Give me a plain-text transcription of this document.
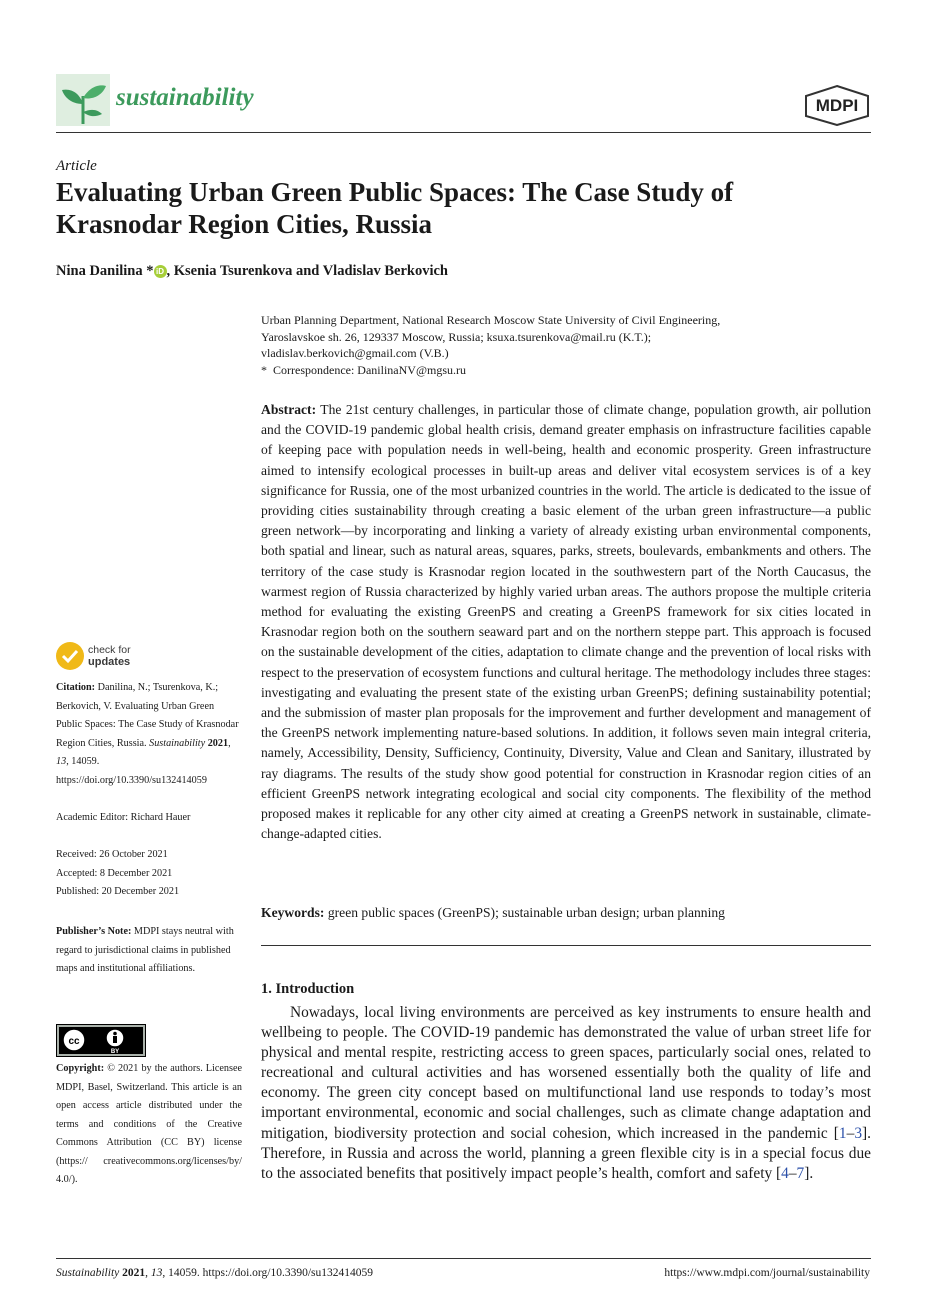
sustainability	MDPI
Article
Evaluating Urban Green Public Spaces: The Case Study of Krasnodar Region Cities, Russia
Nina Danilina * iD , Ksenia Tsurenkova and Vladislav Berkovich

Urban Planning Department, National Research Moscow State University of Civil Engineering,

Yaroslavskoe sh. 26, 129337 Moscow, Russia; ksuxa.tsurenkova@mail.ru (K.T.);

vladislav.berkovich@gmail.com (V.B.)

* Correspondence: DanilinaNV@mgsu.ru

Abstract: The 21st century challenges, in particular those of climate change, population growth, air pollution and the COVID-19 pandemic global health crisis, demand greater emphasis on infrastructure facilities capable of keeping pace with population needs in well-being, health and economic prosperity. Green infrastructure aimed to intensify ecological processes in built-up areas and deliver vital ecosystem services is of a key significance for Russia, one of the most urbanized countries in the world. The article is dedicated to the issue of providing cities sustainability through creating a basic element of the urban green infrastructure—a public green network—by incorporating and linking a variety of already existing urban environmental components, both spatial and linear, such as natural areas, squares, parks, streets, boulevards, embankments and others. The territory of the case study is Krasnodar region located in the southwestern part of the North Caucasus, the warmest region of Russia characterized by highly varied urban areas. The authors propose the multiple criteria method for evaluating the existing GreenPS and creating a GreenPS framework for six cities located in Krasnodar region both on the southern seaward part and on the northern steppe part. This approach is focused on the sustainable development of the cities, adaptation to climate change and the prevention of local risks with respect to the preservation of ecosystem functions and cultural heritage. The methodology includes three stages: investigating and evaluating the present state of the existing urban GreenPS; defining sustainability potential; and the submission of master plan proposals for the improvement and further development and management of the GreenPS network implementing nature-based solutions. In addition, it follows seven main integral criteria, namely, Accessibility, Density, Sufficiency, Continuity, Diversity, Value and Clean and Sanitary, illustrated by ray diagrams. The results of the study show good potential for construction in Krasnodar region cities of an efficient GreenPS network integrating ecological and social city components. The flexibility of the method proposed makes it replicable for any other city aimed at creating a GreenPS network in sustainable, climate-change-adapted cities.

Keywords: green public spaces (GreenPS); sustainable urban design; urban planning
1. Introduction

Nowadays, local living environments are perceived as key instruments to ensure health and wellbeing to people. The COVID-19 pandemic has demonstrated the value of urban street life for physical and mental respite, restricting access to green spaces, particularly social ones, related to recreational and cultural activities and has worsened essentially both the quality of life and economy. The green city concept based on multifunctional land use responds to today’s most important environmental, economic and social challenges, such as climate change adaptation and mitigation, biodiversity protection and social cohesion, which increased in the pandemic [1–3]. Therefore, in Russia and across the world, planning a green flexible city is in a special focus due to the associated benefits that positively impact people’s health, comfort and safety [4–7].

check for
updates

Citation: Danilina, N.; Tsurenkova, K.; Berkovich, V. Evaluating Urban Green Public Spaces: The Case Study of Krasnodar Region Cities, Russia. Sustainability 2021, 13, 14059. https://doi.org/10.3390/su132414059

Academic Editor: Richard Hauer

Received: 26 October 2021

Accepted: 8 December 2021

Published: 20 December 2021

Publisher’s Note: MDPI stays neutral with regard to jurisdictional claims in published maps and institutional affiliations.

cc
BY

Copyright: © 2021 by the authors. Licensee MDPI, Basel, Switzerland. This article is an open access article distributed under the terms and conditions of the Creative Commons Attribution (CC BY) license (https:// creativecommons.org/licenses/by/ 4.0/).

Sustainability 2021, 13, 14059. https://doi.org/10.3390/su132414059	https://www.mdpi.com/journal/sustainability
